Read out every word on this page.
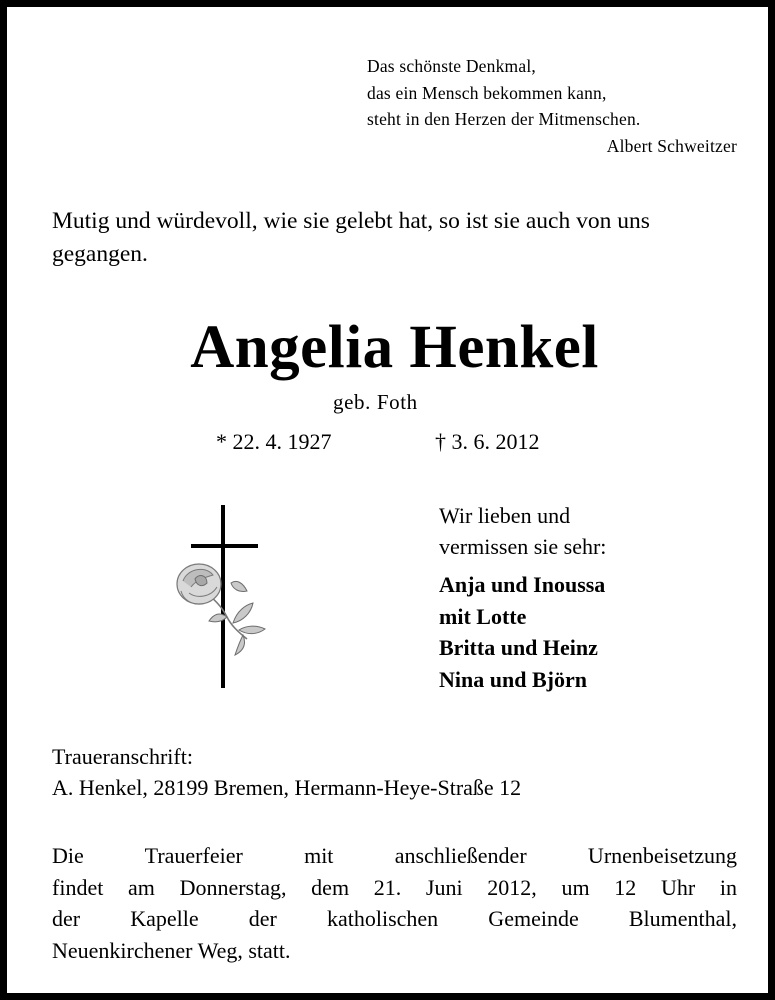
Das schönste Denkmal,
das ein Mensch bekommen kann,
steht in den Herzen der Mitmenschen.
Albert Schweitzer

Mutig und würdevoll, wie sie gelebt hat, so ist sie auch von uns gegangen.

Angelia Henkel
geb. Foth
* 22. 4. 1927	† 3. 6. 2012
Wir lieben und
vermissen sie sehr:
Anja und Inoussa
mit Lotte
Britta und Heinz
Nina und Björn
Traueranschrift:
A. Henkel, 28199 Bremen, Hermann-Heye-Straße 12
Die Trauerfeier mit anschließender Urnenbeisetzung
findet am Donnerstag, dem 21. Juni 2012, um 12 Uhr in
der Kapelle der katholischen Gemeinde Blumenthal,
Neuenkirchener Weg, statt.
